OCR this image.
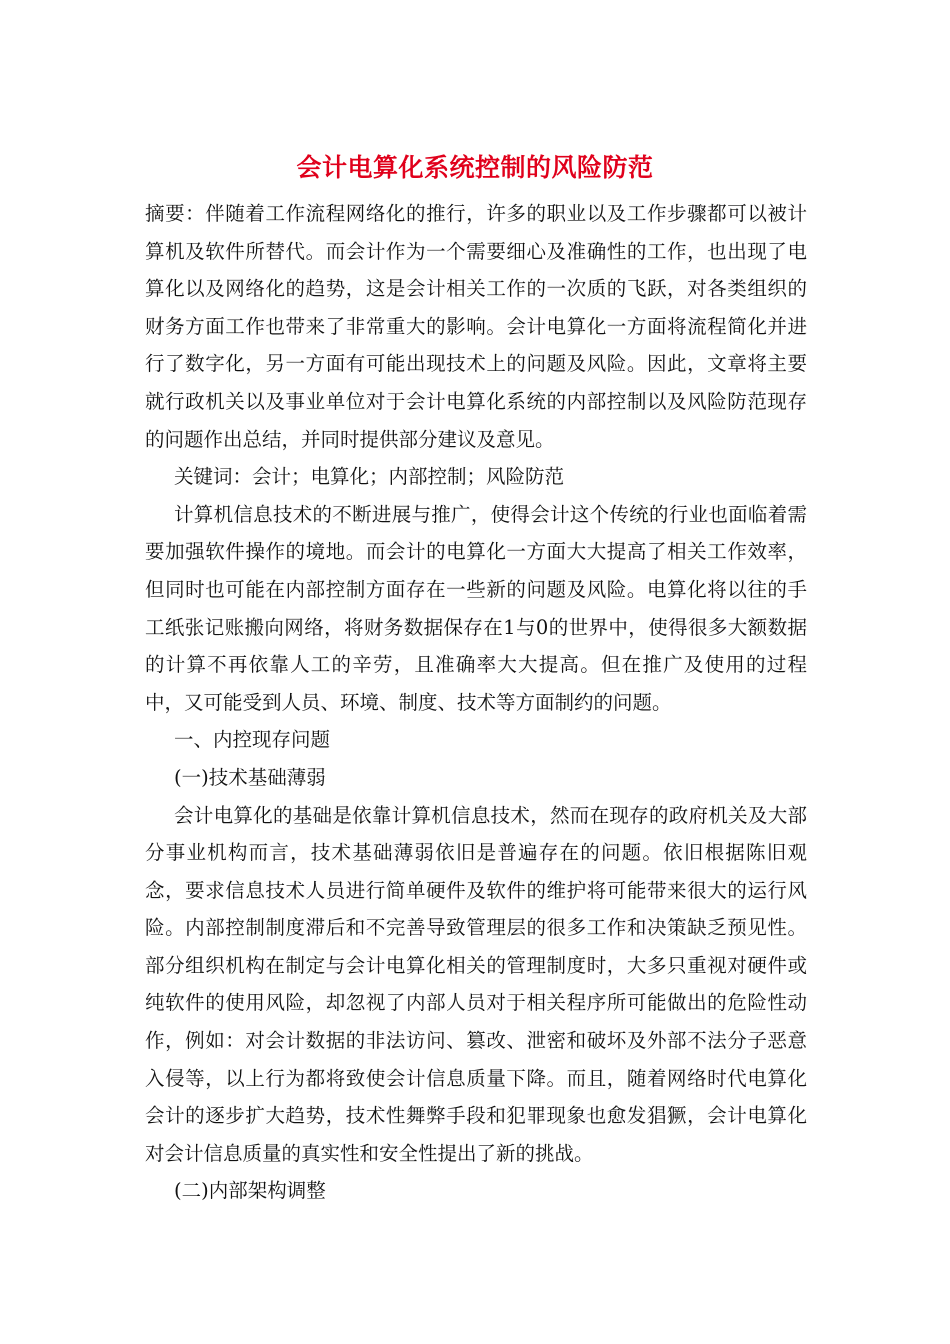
会计电算化系统控制的风险防范

摘要：伴随着工作流程网络化的推行，许多的职业以及工作步骤都可以被计算机及软件所替代。而会计作为一个需要细心及准确性的工作，也出现了电算化以及网络化的趋势，这是会计相关工作的一次质的飞跃，对各类组织的财务方面工作也带来了非常重大的影响。会计电算化一方面将流程简化并进行了数字化，另一方面有可能出现技术上的问题及风险。因此，文章将主要就行政机关以及事业单位对于会计电算化系统的内部控制以及风险防范现存的问题作出总结，并同时提供部分建议及意见。

关键词：会计；电算化；内部控制；风险防范

计算机信息技术的不断进展与推广，使得会计这个传统的行业也面临着需要加强软件操作的境地。而会计的电算化一方面大大提高了相关工作效率，但同时也可能在内部控制方面存在一些新的问题及风险。电算化将以往的手工纸张记账搬向网络，将财务数据保存在1与0的世界中，使得很多大额数据的计算不再依靠人工的辛劳，且准确率大大提高。但在推广及使用的过程中，又可能受到人员、环境、制度、技术等方面制约的问题。

一、内控现存问题

(一)技术基础薄弱

会计电算化的基础是依靠计算机信息技术，然而在现存的政府机关及大部分事业机构而言，技术基础薄弱依旧是普遍存在的问题。依旧根据陈旧观念，要求信息技术人员进行简单硬件及软件的维护将可能带来很大的运行风险。内部控制制度滞后和不完善导致管理层的很多工作和决策缺乏预见性。部分组织机构在制定与会计电算化相关的管理制度时，大多只重视对硬件或纯软件的使用风险，却忽视了内部人员对于相关程序所可能做出的危险性动作，例如：对会计数据的非法访问、篡改、泄密和破坏及外部不法分子恶意入侵等，以上行为都将致使会计信息质量下降。而且，随着网络时代电算化会计的逐步扩大趋势，技术性舞弊手段和犯罪现象也愈发猖獗，会计电算化对会计信息质量的真实性和安全性提出了新的挑战。

(二)内部架构调整
